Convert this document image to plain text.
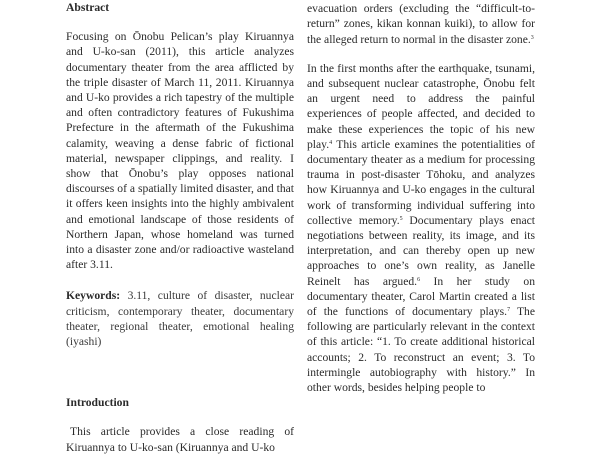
Abstract

Focusing on Ōnobu Pelican’s play Kiruannya and U-ko-san (2011), this article analyzes documentary theater from the area afflicted by the triple disaster of March 11, 2011. Kiruannya and U-ko provides a rich tapestry of the multiple and often contradictory features of Fukushima Prefecture in the aftermath of the Fukushima calamity, weaving a dense fabric of fictional material, newspaper clippings, and reality. I show that Ōnobu’s play opposes national discourses of a spatially limited disaster, and that it offers keen insights into the highly ambivalent and emotional landscape of those residents of Northern Japan, whose homeland was turned into a disaster zone and/or radioactive wasteland after 3.11.

Keywords: 3.11, culture of disaster, nuclear criticism, contemporary theater, documentary theater, regional theater, emotional healing (iyashi)

Introduction

This article provides a close reading of Kiruannya to U-ko-san (Kiruannya and U-ko

evacuation orders (excluding the “difficult-to-return” zones, kikan konnan kuiki), to allow for the alleged return to normal in the disaster zone.$^3$

In the first months after the earthquake, tsunami, and subsequent nuclear catastrophe, Ōnobu felt an urgent need to address the painful experiences of people affected, and decided to make these experiences the topic of his new play.$^4$ This article examines the potentialities of documentary theater as a medium for processing trauma in post-disaster Tōhoku, and analyzes how Kiruannya and U-ko engages in the cultural work of transforming individual suffering into collective memory.$^5$ Documentary plays enact negotiations between reality, its image, and its interpretation, and can thereby open up new approaches to one’s own reality, as Janelle Reinelt has argued.$^6$ In her study on documentary theater, Carol Martin created a list of the functions of documentary plays.$^7$ The following are particularly relevant in the context of this article: “1. To create additional historical accounts; 2. To reconstruct an event; 3. To intermingle autobiography with history.” In other words, besides helping people to
